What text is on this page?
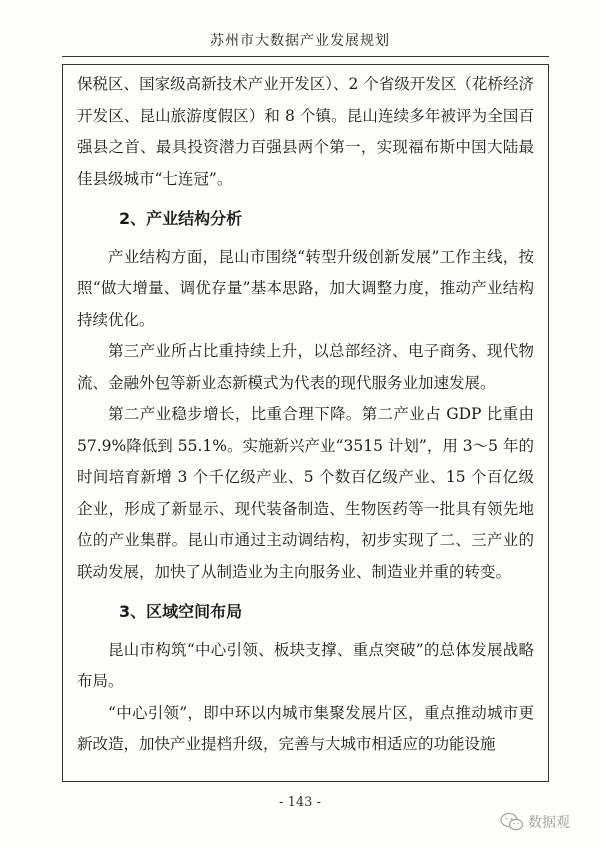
苏州市大数据产业发展规划

保税区、国家级高新技术产业开发区）、2 个省级开发区（花桥经济开发区、昆山旅游度假区）和 8 个镇。昆山连续多年被评为全国百强县之首、最具投资潜力百强县两个第一，实现福布斯中国大陆最佳县级城市“七连冠”。

2、产业结构分析

产业结构方面，昆山市围绕“转型升级创新发展”工作主线，按照“做大增量、调优存量”基本思路，加大调整力度，推动产业结构持续优化。

第三产业所占比重持续上升，以总部经济、电子商务、现代物流、金融外包等新业态新模式为代表的现代服务业加速发展。

第二产业稳步增长，比重合理下降。第二产业占 GDP 比重由 57.9%降低到 55.1%。实施新兴产业“3515 计划”，用 3～5 年的时间培育新增 3 个千亿级产业、5 个数百亿级产业、15 个百亿级企业，形成了新显示、现代装备制造、生物医药等一批具有领先地位的产业集群。昆山市通过主动调结构，初步实现了二、三产业的联动发展，加快了从制造业为主向服务业、制造业并重的转变。

3、区域空间布局

昆山市构筑“中心引领、板块支撑、重点突破”的总体发展战略布局。

“中心引领”，即中环以内城市集聚发展片区，重点推动城市更新改造，加快产业提档升级，完善与大城市相适应的功能设施

- 143 -
数据观
